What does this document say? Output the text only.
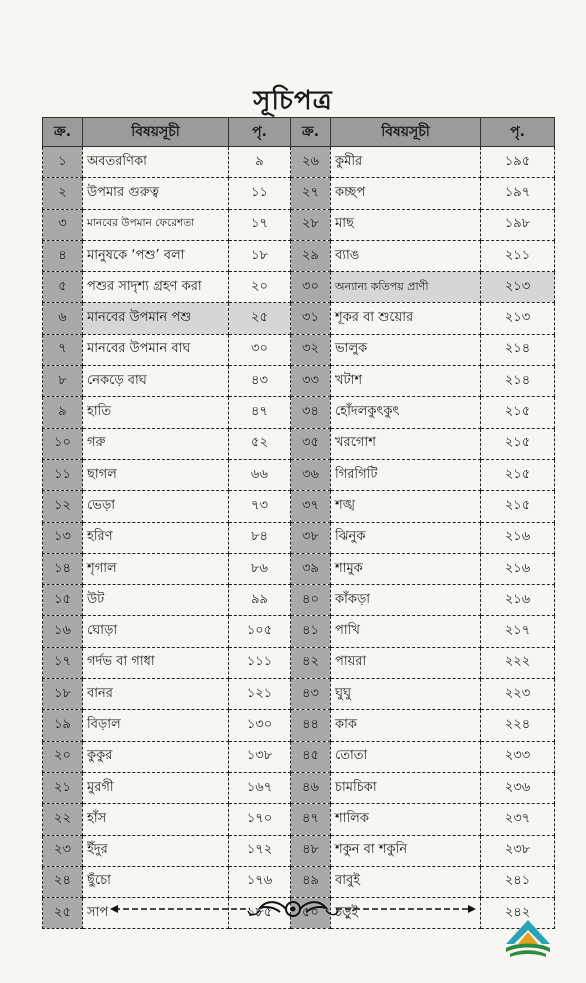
সূচিপত্র
ক্র.	বিষয়সূচী	পৃ.	ক্র.	বিষয়সূচী	পৃ.
১	অবতরণিকা	৯	২৬	কুমীর	১৯৫
২	উপমার গুরুত্ব	১১	২৭	কচ্ছপ	১৯৭
৩	মানবের উপমান ফেরেশতা	১৭	২৮	মাছ	১৯৮
৪	মানুষকে ‘পশু’ বলা	১৮	২৯	ব্যাঙ	২১১
৫	পশুর সাদৃশ্য গ্রহণ করা	২০	৩০	অন্যান্য কতিপয় প্রাণী	২১৩
৬	মানবের উপমান পশু	২৫	৩১	শূকর বা শুয়োর	২১৩
৭	মানবের উপমান বাঘ	৩০	৩২	ভালুক	২১৪
৮	নেকড়ে বাঘ	৪৩	৩৩	খটাশ	২১৪
৯	হাতি	৪৭	৩৪	হোঁদলকুৎকুৎ	২১৫
১০	গরু	৫২	৩৫	খরগোশ	২১৫
১১	ছাগল	৬৬	৩৬	গিরগিটি	২১৫
১২	ভেড়া	৭৩	৩৭	শঙ্খ	২১৫
১৩	হরিণ	৮৪	৩৮	ঝিনুক	২১৬
১৪	শৃগাল	৮৬	৩৯	শামুক	২১৬
১৫	উট	৯৯	৪০	কাঁকড়া	২১৬
১৬	ঘোড়া	১০৫	৪১	পাখি	২১৭
১৭	গর্দভ বা গাধা	১১১	৪২	পায়রা	২২২
১৮	বানর	১২১	৪৩	ঘুঘু	২২৩
১৯	বিড়াল	১৩০	৪৪	কাক	২২৪
২০	কুকুর	১৩৮	৪৫	তোতা	২৩৩
২১	মুরগী	১৬৭	৪৬	চামচিকা	২৩৬
২২	হাঁস	১৭০	৪৭	শালিক	২৩৭
২৩	ইঁদুর	১৭২	৪৮	শকুন বা শকুনি	২৩৮
২৪	ছুঁচো	১৭৬	৪৯	বাবুই	২৪১
২৫	সাপ	১৮৫	৫০	চড়ুই	২৪২
